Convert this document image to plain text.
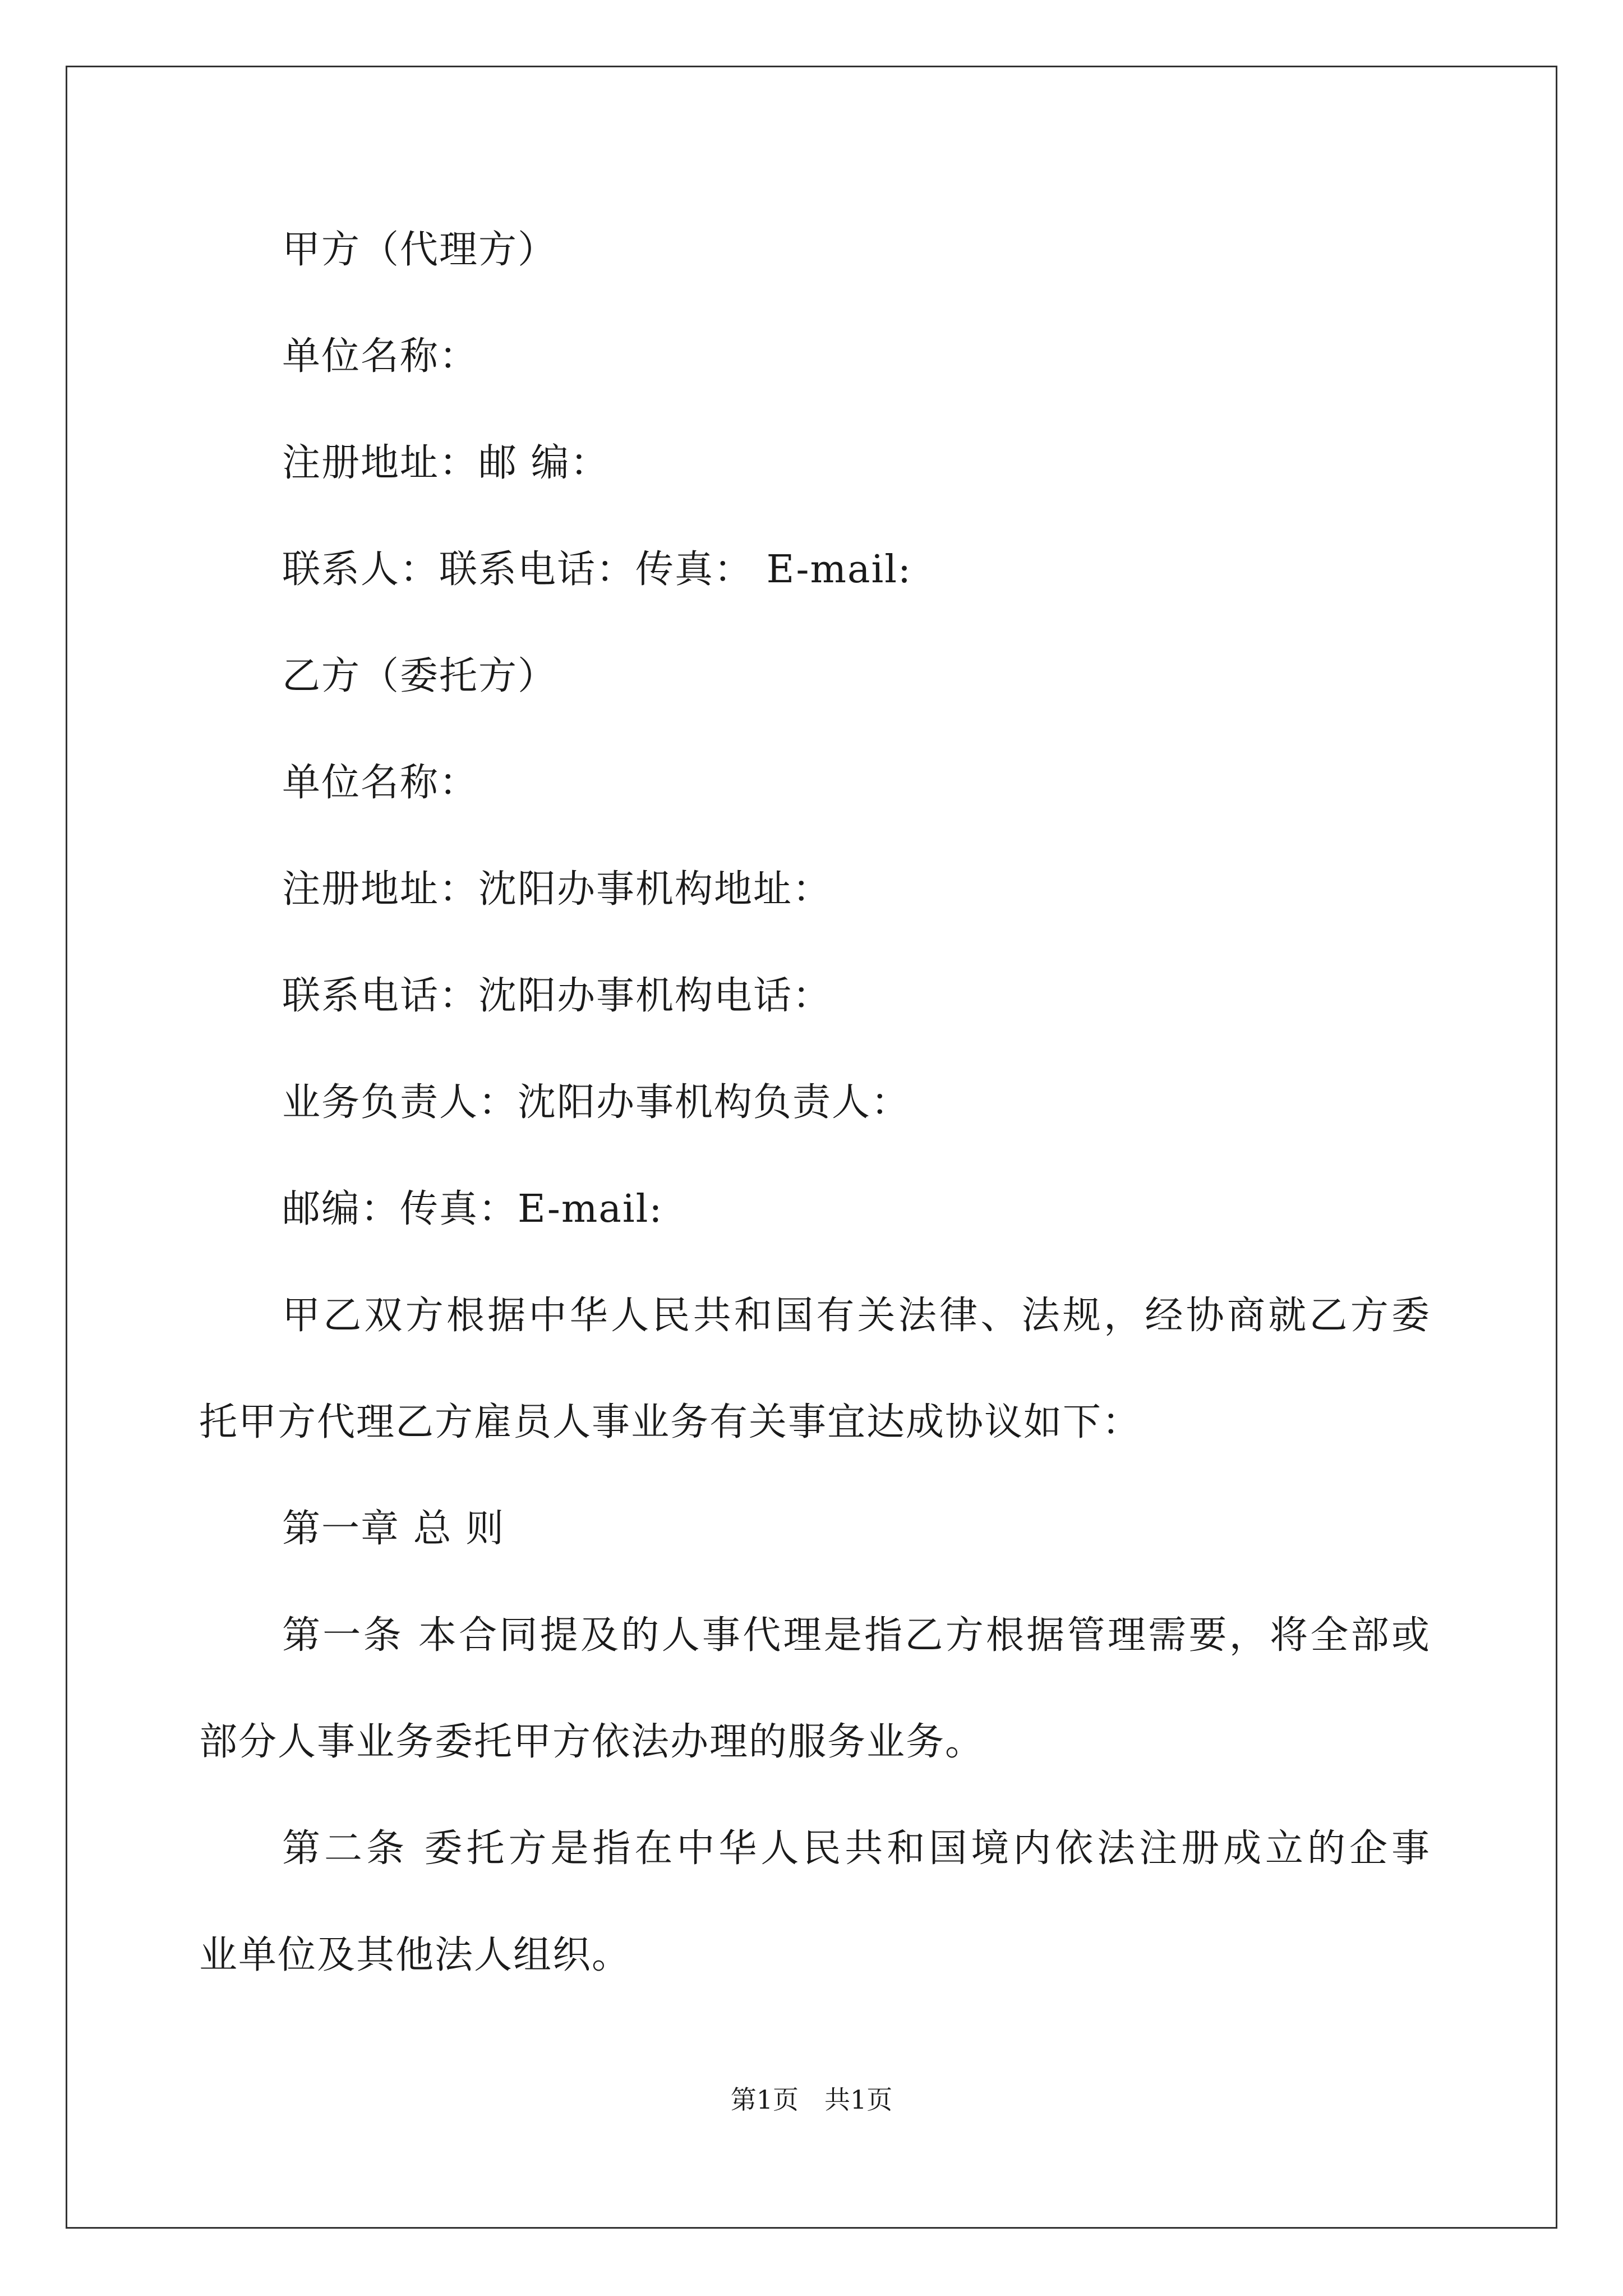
甲方（代理方）

单位名称：

注册地址：邮 编：

联系人：联系电话：传真： E-mail:

乙方（委托方）

单位名称：

注册地址：沈阳办事机构地址：

联系电话：沈阳办事机构电话：

业务负责人：沈阳办事机构负责人：

邮编：传真：E-mail:

甲乙双方根据中华人民共和国有关法律、法规，经协商就乙方委

托甲方代理乙方雇员人事业务有关事宜达成协议如下：

第一章 总 则

第一条 本合同提及的人事代理是指乙方根据管理需要，将全部或

部分人事业务委托甲方依法办理的服务业务。

第二条 委托方是指在中华人民共和国境内依法注册成立的企事

业单位及其他法人组织。

第1页　共1页
